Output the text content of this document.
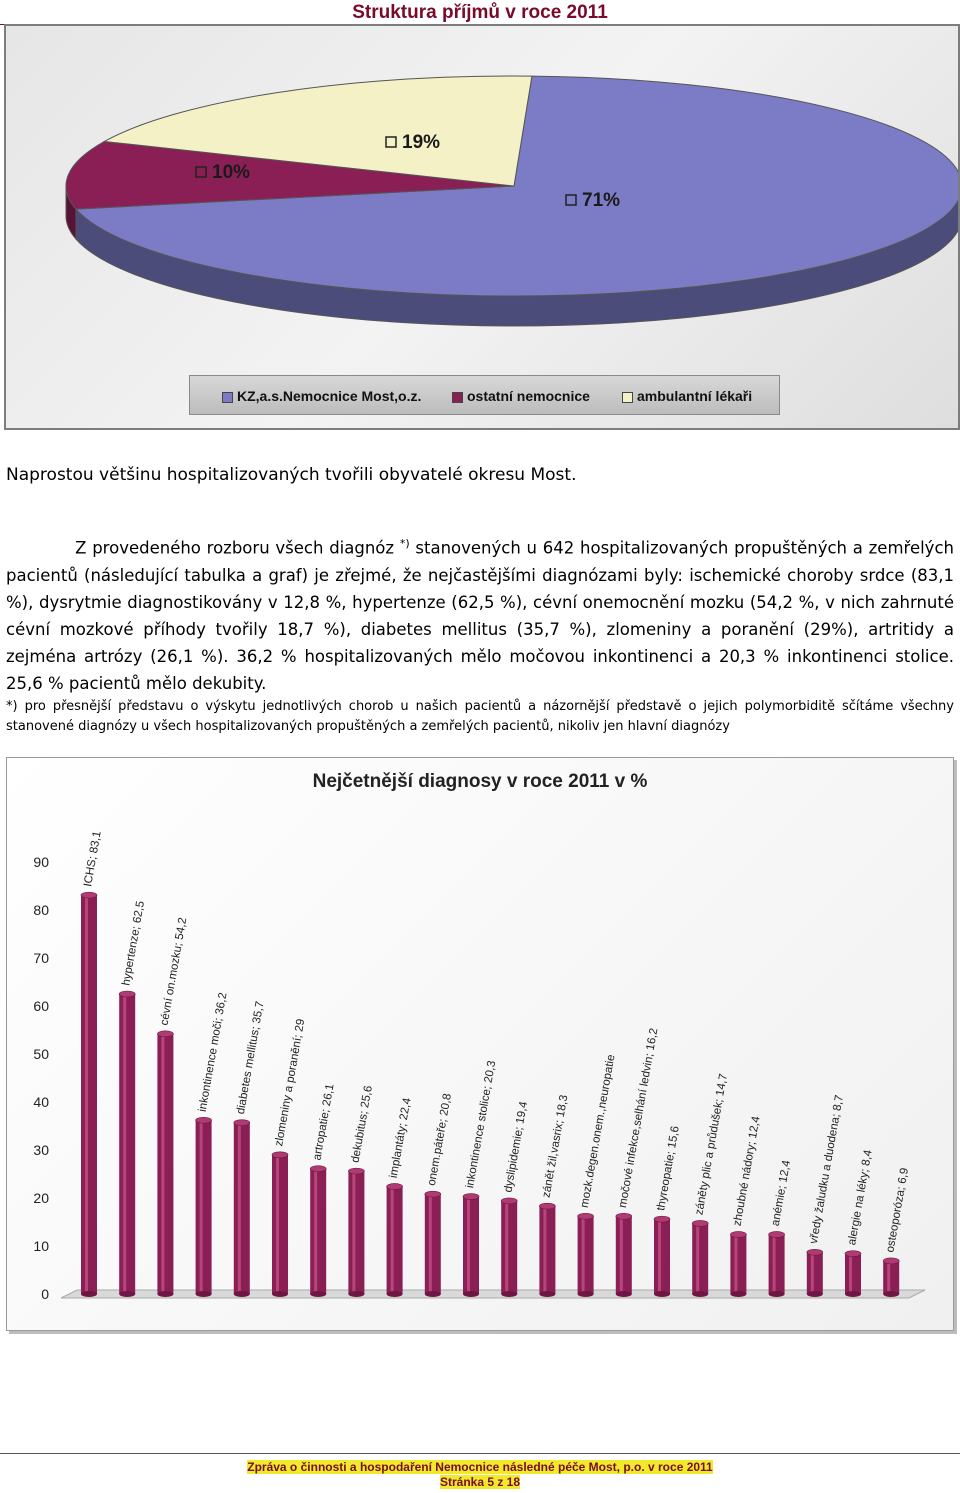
Struktura příjmů v roce 2011
71%
10%
19%
KZ,a.s.Nemocnice Most,o.z.	ostatní nemocnice	ambulantní lékaři
Naprostou většinu hospitalizovaných tvořili obyvatelé okresu Most.
Z provedeného rozboru všech diagnóz *) stanovených u 642 hospitalizovaných propuštěných a zemřelých pacientů (následující tabulka a graf) je zřejmé, že nejčastějšími diagnózami byly: ischemické choroby srdce (83,1 %), dysrytmie diagnostikovány v 12,8 %, hypertenze (62,5 %), cévní onemocnění mozku (54,2 %, v nich zahrnuté cévní mozkové příhody tvořily 18,7 %), diabetes mellitus (35,7 %), zlomeniny a poranění (29%), artritidy a zejména artrózy (26,1 %). 36,2 % hospitalizovaných mělo močovou inkontinenci a 20,3 % inkontinenci stolice. 25,6 % pacientů mělo dekubity.
*) pro přesnější představu o výskytu jednotlivých chorob u našich pacientů a názornější představě o jejich polymorbiditě sčítáme všechny stanovené diagnózy u všech hospitalizovaných propuštěných a zemřelých pacientů, nikoliv jen hlavní diagnózy
Nejčetnější diagnosy v roce 2011 v %
0
10
20
30
40
50
60
70
80
90	ICHS; 83,1
hypertenze; 62,5 cévní on.mozku; 54,2
inkontinence moči; 36,2 diabetes mellitus; 35,7 zlomeniny a poranění; 29 artropatie; 26,1 dekubitus; 25,6 implantáty; 22,4 onem.páteře; 20,8 inkontinence stolice; 20,3 dyslipidemie; 19,4 zánět žil,vasrix; 18,3 mozk.degen.onem.,neuropatie močové infekce,selhání ledvin; 16,2
thyreopatie; 15,6 záněty plic a průdušek; 14,7 zhoubné nádory; 12,4 anémie; 12,4 vředy žaludku a duodena; 8,7 alergie na léky; 8,4 osteoporóza; 6,9
Zpráva o činnosti a hospodaření Nemocnice následné péče Most, p.o. v roce 2011
Stránka 5 z 18
